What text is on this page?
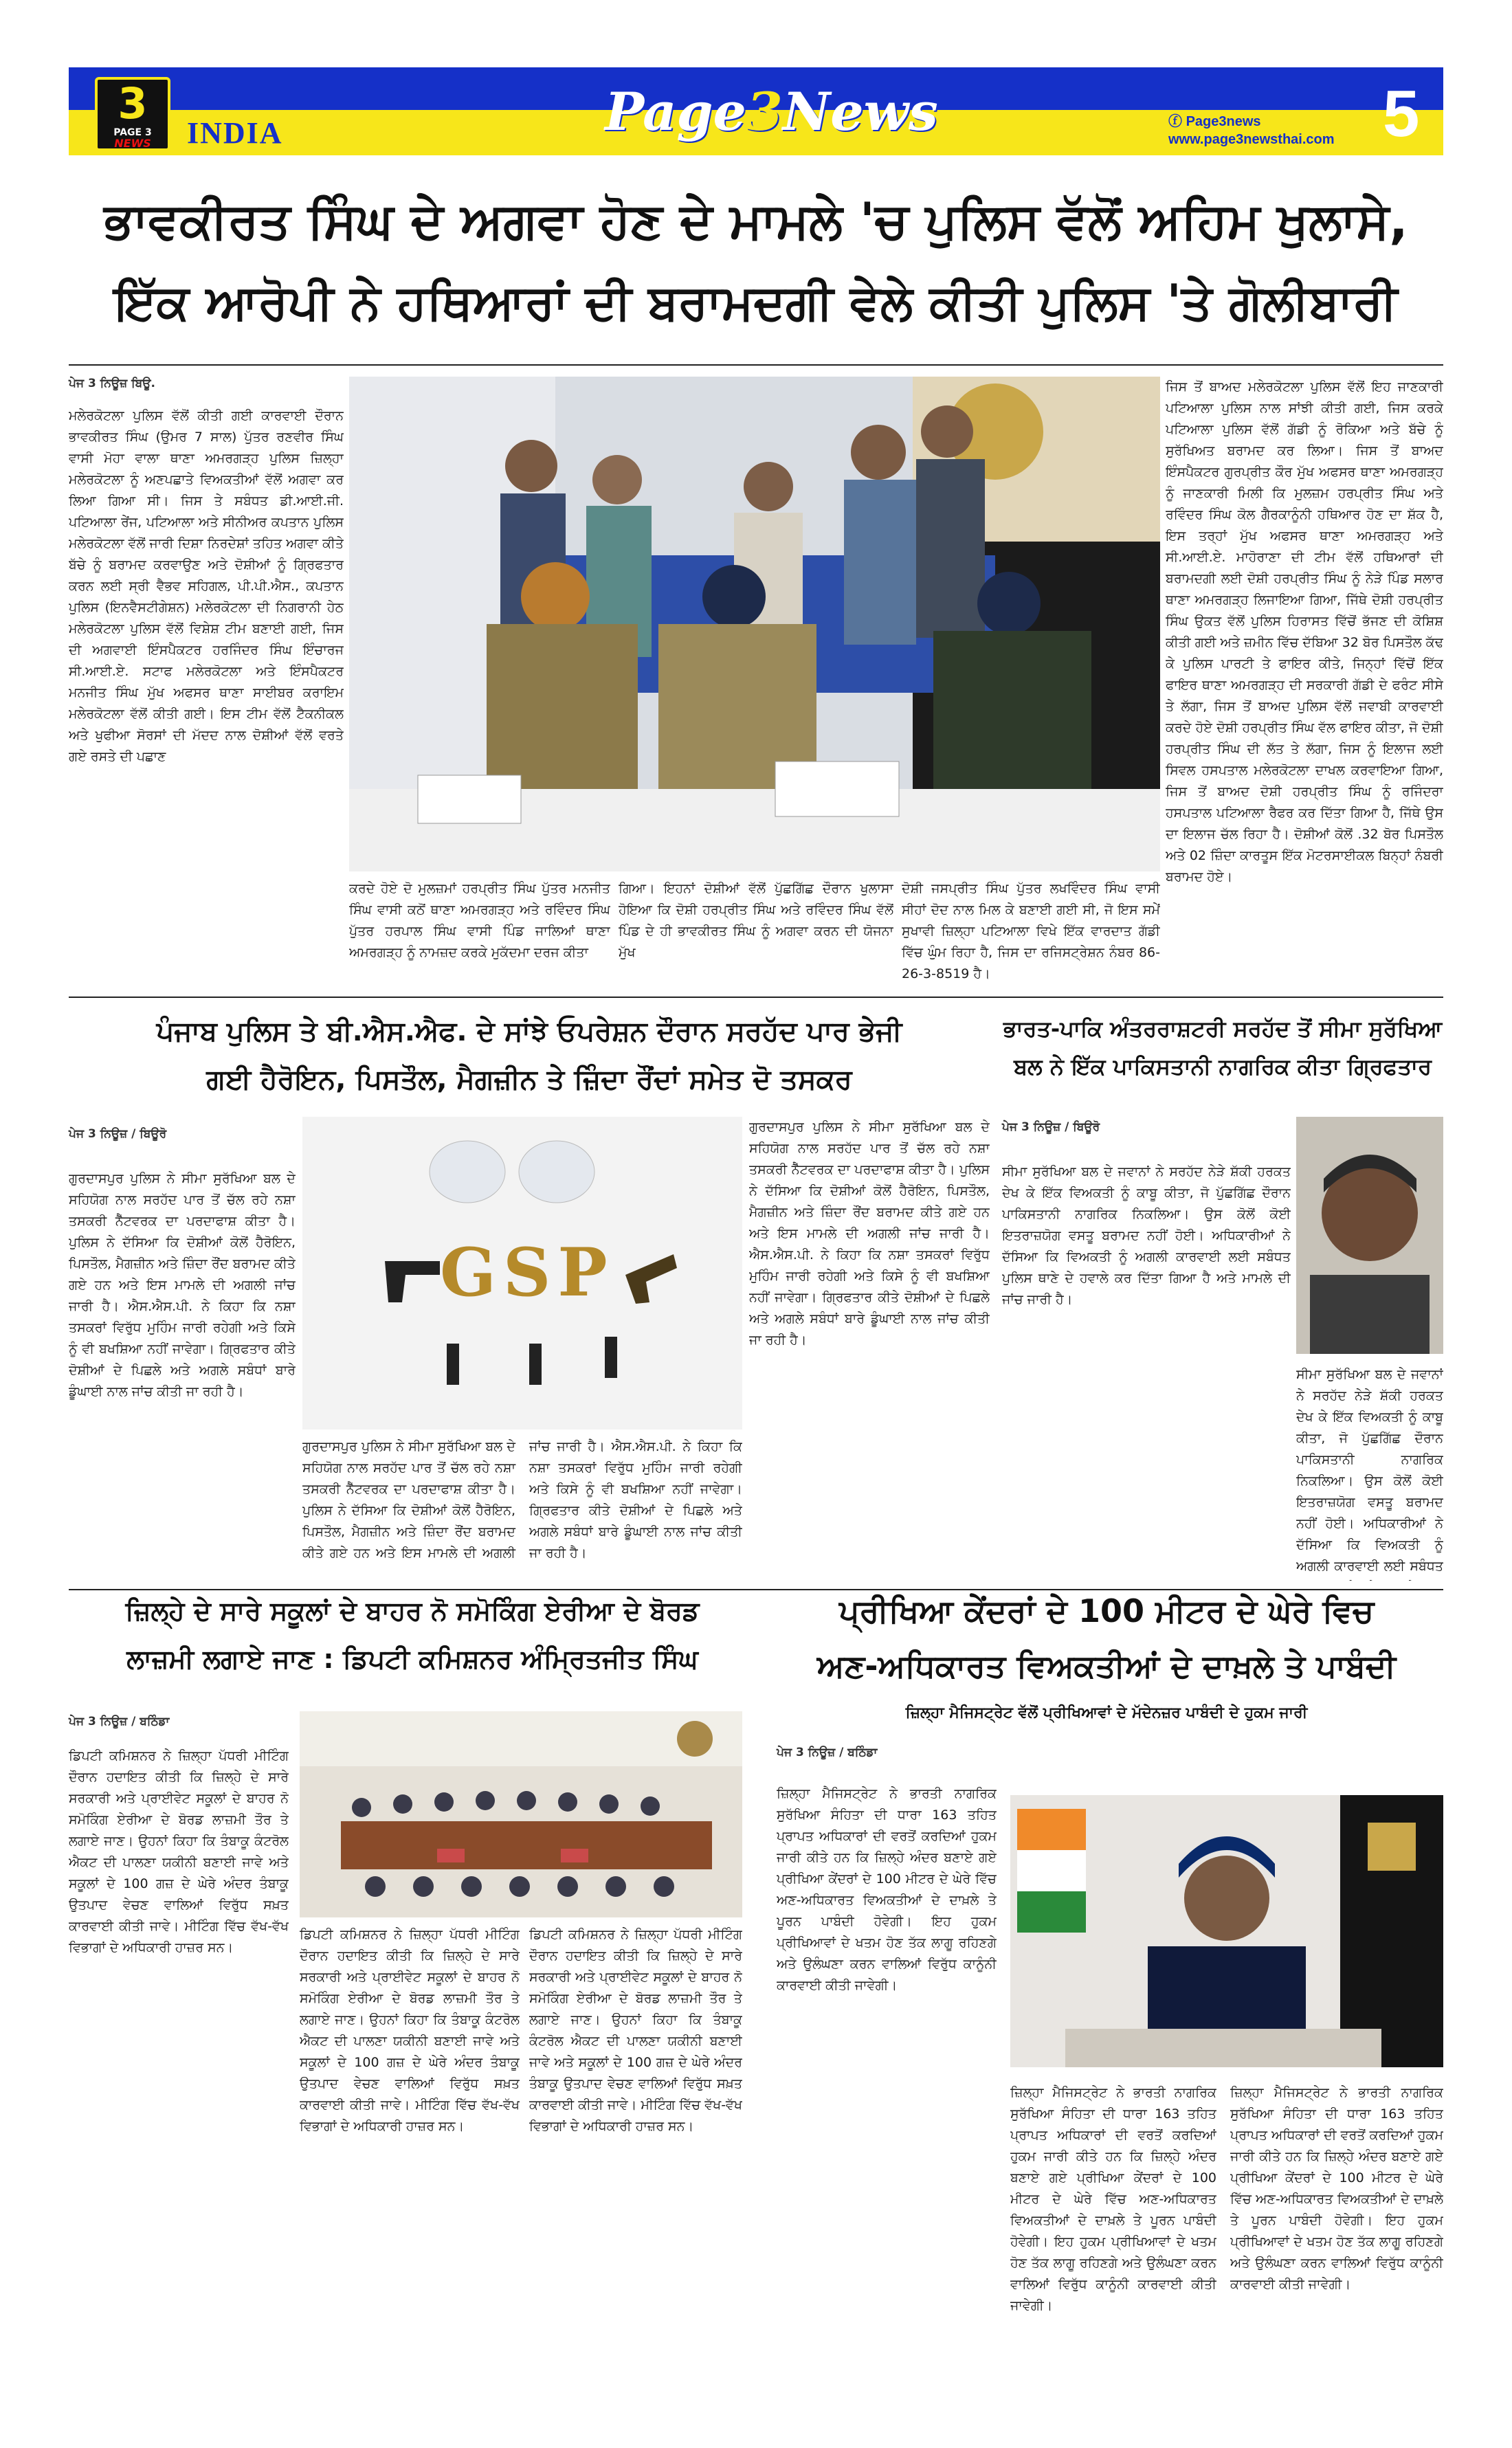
3
PAGE 3
NEWS	INDIA	Page3News	ⓕ Page3news
www.page3newsthai.com 5
ਭਾਵਕੀਰਤ ਸਿੰਘ ਦੇ ਅਗਵਾ ਹੋਣ ਦੇ ਮਾਮਲੇ 'ਚ ਪੁਲਿਸ ਵੱਲੋਂ ਅਹਿਮ ਖੁਲਾਸੇ,
ਇੱਕ ਆਰੋਪੀ ਨੇ ਹਥਿਆਰਾਂ ਦੀ ਬਰਾਮਦਗੀ ਵੇਲੇ ਕੀਤੀ ਪੁਲਿਸ 'ਤੇ ਗੋਲੀਬਾਰੀ
ਪੇਜ 3 ਨਿਊਜ਼ ਬਿਊ.
ਮਲੇਰਕੋਟਲਾ ਪੁਲਿਸ ਵੱਲੋਂ ਕੀਤੀ ਗਈ ਕਾਰਵਾਈ ਦੌਰਾਨ ਭਾਵਕੀਰਤ ਸਿੰਘ (ਉਮਰ 7 ਸਾਲ) ਪੁੱਤਰ ਰਣਵੀਰ ਸਿੰਘ ਵਾਸੀ ਮੋਹਾ ਵਾਲਾ ਥਾਣਾ ਅਮਰਗੜ੍ਹ ਪੁਲਿਸ ਜ਼ਿਲ੍ਹਾ ਮਲੇਰਕੋਟਲਾ ਨੂੰ ਅਣਪਛਾਤੇ ਵਿਅਕਤੀਆਂ ਵੱਲੋਂ ਅਗਵਾ ਕਰ ਲਿਆ ਗਿਆ ਸੀ। ਜਿਸ ਤੇ ਸਬੰਧਤ ਡੀ.ਆਈ.ਜੀ. ਪਟਿਆਲਾ ਰੇਂਜ, ਪਟਿਆਲਾ ਅਤੇ ਸੀਨੀਅਰ ਕਪਤਾਨ ਪੁਲਿਸ ਮਲੇਰਕੋਟਲਾ ਵੱਲੋਂ ਜਾਰੀ ਦਿਸ਼ਾ ਨਿਰਦੇਸ਼ਾਂ ਤਹਿਤ ਅਗਵਾ ਕੀਤੇ ਬੱਚੇ ਨੂੰ ਬਰਾਮਦ ਕਰਵਾਉਣ ਅਤੇ ਦੋਸ਼ੀਆਂ ਨੂੰ ਗ੍ਰਿਫਤਾਰ ਕਰਨ ਲਈ ਸ੍ਰੀ ਵੈਭਵ ਸਹਿਗਲ, ਪੀ.ਪੀ.ਐਸ., ਕਪਤਾਨ ਪੁਲਿਸ (ਇਨਵੈਸਟੀਗੇਸ਼ਨ) ਮਲੇਰਕੋਟਲਾ ਦੀ ਨਿਗਰਾਨੀ ਹੇਠ ਮਲੇਰਕੋਟਲਾ ਪੁਲਿਸ ਵੱਲੋਂ ਵਿਸ਼ੇਸ਼ ਟੀਮ ਬਣਾਈ ਗਈ, ਜਿਸ ਦੀ ਅਗਵਾਈ ਇੰਸਪੈਕਟਰ ਹਰਜਿੰਦਰ ਸਿੰਘ ਇੰਚਾਰਜ ਸੀ.ਆਈ.ਏ. ਸਟਾਫ ਮਲੇਰਕੋਟਲਾ ਅਤੇ ਇੰਸਪੈਕਟਰ ਮਨਜੀਤ ਸਿੰਘ ਮੁੱਖ ਅਫਸਰ ਥਾਣਾ ਸਾਈਬਰ ਕਰਾਇਮ ਮਲੇਰਕੋਟਲਾ ਵੱਲੋਂ ਕੀਤੀ ਗਈ। ਇਸ ਟੀਮ ਵੱਲੋਂ ਟੈਕਨੀਕਲ ਅਤੇ ਖੁਫੀਆ ਸੋਰਸਾਂ ਦੀ ਮੱਦਦ ਨਾਲ ਦੋਸ਼ੀਆਂ ਵੱਲੋਂ ਵਰਤੇ ਗਏ ਰਸਤੇ ਦੀ ਪਛਾਣ
ਜਿਸ ਤੋਂ ਬਾਅਦ ਮਲੇਰਕੋਟਲਾ ਪੁਲਿਸ ਵੱਲੋਂ ਇਹ ਜਾਣਕਾਰੀ ਪਟਿਆਲਾ ਪੁਲਿਸ ਨਾਲ ਸਾਂਝੀ ਕੀਤੀ ਗਈ, ਜਿਸ ਕਰਕੇ ਪਟਿਆਲਾ ਪੁਲਿਸ ਵੱਲੋਂ ਗੱਡੀ ਨੂੰ ਰੋਕਿਆ ਅਤੇ ਬੱਚੇ ਨੂੰ ਸੁਰੱਖਿਅਤ ਬਰਾਮਦ ਕਰ ਲਿਆ। ਜਿਸ ਤੋਂ ਬਾਅਦ ਇੰਸਪੈਕਟਰ ਗੁਰਪ੍ਰੀਤ ਕੌਰ ਮੁੱਖ ਅਫਸਰ ਥਾਣਾ ਅਮਰਗੜ੍ਹ ਨੂੰ ਜਾਣਕਾਰੀ ਮਿਲੀ ਕਿ ਮੁਲਜ਼ਮ ਹਰਪ੍ਰੀਤ ਸਿੰਘ ਅਤੇ ਰਵਿੰਦਰ ਸਿੰਘ ਕੋਲ ਗੈਰਕਾਨੂੰਨੀ ਹਥਿਆਰ ਹੋਣ ਦਾ ਸ਼ੱਕ ਹੈ, ਇਸ ਤਰ੍ਹਾਂ ਮੁੱਖ ਅਫਸਰ ਥਾਣਾ ਅਮਰਗੜ੍ਹ ਅਤੇ ਸੀ.ਆਈ.ਏ. ਮਾਹੋਰਾਣਾ ਦੀ ਟੀਮ ਵੱਲੋਂ ਹਥਿਆਰਾਂ ਦੀ ਬਰਾਮਦਗੀ ਲਈ ਦੋਸ਼ੀ ਹਰਪ੍ਰੀਤ ਸਿੰਘ ਨੂੰ ਨੇੜੇ ਪਿੰਡ ਸਲਾਰ ਥਾਣਾ ਅਮਰਗੜ੍ਹ ਲਿਜਾਇਆ ਗਿਆ, ਜਿੱਥੇ ਦੋਸ਼ੀ ਹਰਪ੍ਰੀਤ ਸਿੰਘ ਉਕਤ ਵੱਲੋਂ ਪੁਲਿਸ ਹਿਰਾਸਤ ਵਿੱਚੋਂ ਭੱਜਣ ਦੀ ਕੋਸ਼ਿਸ਼ ਕੀਤੀ ਗਈ ਅਤੇ ਜ਼ਮੀਨ ਵਿੱਚ ਦੱਬਿਆ 32 ਬੋਰ ਪਿਸਤੌਲ ਕੱਢ ਕੇ ਪੁਲਿਸ ਪਾਰਟੀ ਤੇ ਫਾਇਰ ਕੀਤੇ, ਜਿਨ੍ਹਾਂ ਵਿੱਚੋਂ ਇੱਕ ਫਾਇਰ ਥਾਣਾ ਅਮਰਗੜ੍ਹ ਦੀ ਸਰਕਾਰੀ ਗੱਡੀ ਦੇ ਫਰੰਟ ਸੀਸੇ ਤੇ ਲੱਗਾ, ਜਿਸ ਤੋਂ ਬਾਅਦ ਪੁਲਿਸ ਵੱਲੋਂ ਜਵਾਬੀ ਕਾਰਵਾਈ ਕਰਦੇ ਹੋਏ ਦੋਸ਼ੀ ਹਰਪ੍ਰੀਤ ਸਿੰਘ ਵੱਲ ਫਾਇਰ ਕੀਤਾ, ਜੋ ਦੋਸ਼ੀ ਹਰਪ੍ਰੀਤ ਸਿੰਘ ਦੀ ਲੱਤ ਤੇ ਲੱਗਾ, ਜਿਸ ਨੂੰ ਇਲਾਜ ਲਈ ਸਿਵਲ ਹਸਪਤਾਲ ਮਲੇਰਕੋਟਲਾ ਦਾਖਲ ਕਰਵਾਇਆ ਗਿਆ, ਜਿਸ ਤੋਂ ਬਾਅਦ ਦੋਸ਼ੀ ਹਰਪ੍ਰੀਤ ਸਿੰਘ ਨੂੰ ਰਜਿੰਦਰਾ ਹਸਪਤਾਲ ਪਟਿਆਲਾ ਰੈਫਰ ਕਰ ਦਿੱਤਾ ਗਿਆ ਹੈ, ਜਿੱਥੇ ਉਸ ਦਾ ਇਲਾਜ ਚੱਲ ਰਿਹਾ ਹੈ। ਦੋਸ਼ੀਆਂ ਕੋਲੋਂ .32 ਬੋਰ ਪਿਸਤੌਲ ਅਤੇ 02 ਜ਼ਿੰਦਾ ਕਾਰਤੂਸ ਇੱਕ ਮੋਟਰਸਾਈਕਲ ਬਿਨ੍ਹਾਂ ਨੰਬਰੀ ਬਰਾਮਦ ਹੋਏ।
ਕਰਦੇ ਹੋਏ ਦੋ ਮੁਲਜ਼ਮਾਂ ਹਰਪ੍ਰੀਤ ਸਿੰਘ ਪੁੱਤਰ ਮਨਜੀਤ ਸਿੰਘ ਵਾਸੀ ਕਠੋਂ ਥਾਣਾ ਅਮਰਗੜ੍ਹ ਅਤੇ ਰਵਿੰਦਰ ਸਿੰਘ ਪੁੱਤਰ ਹਰਪਾਲ ਸਿੰਘ ਵਾਸੀ ਪਿੰਡ ਜਾਲਿਆਂ ਥਾਣਾ ਅਮਰਗੜ੍ਹ ਨੂੰ ਨਾਮਜ਼ਦ ਕਰਕੇ ਮੁਕੱਦਮਾ ਦਰਜ ਕੀਤਾ
ਗਿਆ। ਇਹਨਾਂ ਦੋਸ਼ੀਆਂ ਵੱਲੋਂ ਪੁੱਛਗਿੱਛ ਦੌਰਾਨ ਖੁਲਾਸਾ ਹੋਇਆ ਕਿ ਦੋਸ਼ੀ ਹਰਪ੍ਰੀਤ ਸਿੰਘ ਅਤੇ ਰਵਿੰਦਰ ਸਿੰਘ ਵੱਲੋਂ ਪਿੰਡ ਦੇ ਹੀ ਭਾਵਕੀਰਤ ਸਿੰਘ ਨੂੰ ਅਗਵਾ ਕਰਨ ਦੀ ਯੋਜਨਾ ਮੁੱਖ
ਦੋਸ਼ੀ ਜਸਪ੍ਰੀਤ ਸਿੰਘ ਪੁੱਤਰ ਲਖਵਿੰਦਰ ਸਿੰਘ ਵਾਸੀ ਸੀਹਾਂ ਦੋਦ ਨਾਲ ਮਿਲ ਕੇ ਬਣਾਈ ਗਈ ਸੀ, ਜੋ ਇਸ ਸਮੇਂ ਸੁਖਾਵੀ ਜ਼ਿਲ੍ਹਾ ਪਟਿਆਲਾ ਵਿਖੇ ਇੱਕ ਵਾਰਦਾਤ ਗੱਡੀ ਵਿੱਚ ਘੁੰਮ ਰਿਹਾ ਹੈ, ਜਿਸ ਦਾ ਰਜਿਸਟ੍ਰੇਸ਼ਨ ਨੰਬਰ 86-26-3-8519 ਹੈ।
ਪੰਜਾਬ ਪੁਲਿਸ ਤੇ ਬੀ.ਐਸ.ਐਫ. ਦੇ ਸਾਂਝੇ ਓਪਰੇਸ਼ਨ ਦੌਰਾਨ ਸਰਹੱਦ ਪਾਰ ਭੇਜੀ
ਗਈ ਹੈਰੋਇਨ, ਪਿਸਤੌਲ, ਮੈਗਜ਼ੀਨ ਤੇ ਜ਼ਿੰਦਾ ਰੌਂਦਾਂ ਸਮੇਤ ਦੋ ਤਸਕਰ
ਪੇਜ 3 ਨਿਊਜ਼ / ਬਿਊਰੋ
ਗੁਰਦਾਸਪੁਰ ਪੁਲਿਸ ਨੇ ਸੀਮਾ ਸੁਰੱਖਿਆ ਬਲ ਦੇ ਸਹਿਯੋਗ ਨਾਲ ਸਰਹੱਦ ਪਾਰ ਤੋਂ ਚੱਲ ਰਹੇ ਨਸ਼ਾ ਤਸਕਰੀ ਨੈੱਟਵਰਕ ਦਾ ਪਰਦਾਫਾਸ਼ ਕੀਤਾ ਹੈ। ਪੁਲਿਸ ਨੇ ਦੱਸਿਆ ਕਿ ਦੋਸ਼ੀਆਂ ਕੋਲੋਂ ਹੈਰੋਇਨ, ਪਿਸਤੌਲ, ਮੈਗਜ਼ੀਨ ਅਤੇ ਜ਼ਿੰਦਾ ਰੌਂਦ ਬਰਾਮਦ ਕੀਤੇ ਗਏ ਹਨ ਅਤੇ ਇਸ ਮਾਮਲੇ ਦੀ ਅਗਲੀ ਜਾਂਚ ਜਾਰੀ ਹੈ। ਐਸ.ਐਸ.ਪੀ. ਨੇ ਕਿਹਾ ਕਿ ਨਸ਼ਾ ਤਸਕਰਾਂ ਵਿਰੁੱਧ ਮੁਹਿੰਮ ਜਾਰੀ ਰਹੇਗੀ ਅਤੇ ਕਿਸੇ ਨੂੰ ਵੀ ਬਖਸ਼ਿਆ ਨਹੀਂ ਜਾਵੇਗਾ। ਗ੍ਰਿਫਤਾਰ ਕੀਤੇ ਦੋਸ਼ੀਆਂ ਦੇ ਪਿਛਲੇ ਅਤੇ ਅਗਲੇ ਸਬੰਧਾਂ ਬਾਰੇ ਡੂੰਘਾਈ ਨਾਲ ਜਾਂਚ ਕੀਤੀ ਜਾ ਰਹੀ ਹੈ।
GSP
ਗੁਰਦਾਸਪੁਰ ਪੁਲਿਸ ਨੇ ਸੀਮਾ ਸੁਰੱਖਿਆ ਬਲ ਦੇ ਸਹਿਯੋਗ ਨਾਲ ਸਰਹੱਦ ਪਾਰ ਤੋਂ ਚੱਲ ਰਹੇ ਨਸ਼ਾ ਤਸਕਰੀ ਨੈੱਟਵਰਕ ਦਾ ਪਰਦਾਫਾਸ਼ ਕੀਤਾ ਹੈ। ਪੁਲਿਸ ਨੇ ਦੱਸਿਆ ਕਿ ਦੋਸ਼ੀਆਂ ਕੋਲੋਂ ਹੈਰੋਇਨ, ਪਿਸਤੌਲ, ਮੈਗਜ਼ੀਨ ਅਤੇ ਜ਼ਿੰਦਾ ਰੌਂਦ ਬਰਾਮਦ ਕੀਤੇ ਗਏ ਹਨ ਅਤੇ ਇਸ ਮਾਮਲੇ ਦੀ ਅਗਲੀ ਜਾਂਚ ਜਾਰੀ ਹੈ। ਐਸ.ਐਸ.ਪੀ. ਨੇ ਕਿਹਾ ਕਿ ਨਸ਼ਾ ਤਸਕਰਾਂ ਵਿਰੁੱਧ ਮੁਹਿੰਮ ਜਾਰੀ ਰਹੇਗੀ ਅਤੇ ਕਿਸੇ ਨੂੰ ਵੀ ਬਖਸ਼ਿਆ ਨਹੀਂ ਜਾਵੇਗਾ। ਗ੍ਰਿਫਤਾਰ ਕੀਤੇ ਦੋਸ਼ੀਆਂ ਦੇ ਪਿਛਲੇ ਅਤੇ ਅਗਲੇ ਸਬੰਧਾਂ ਬਾਰੇ ਡੂੰਘਾਈ ਨਾਲ ਜਾਂਚ ਕੀਤੀ ਜਾ ਰਹੀ ਹੈ।
ਗੁਰਦਾਸਪੁਰ ਪੁਲਿਸ ਨੇ ਸੀਮਾ ਸੁਰੱਖਿਆ ਬਲ ਦੇ ਸਹਿਯੋਗ ਨਾਲ ਸਰਹੱਦ ਪਾਰ ਤੋਂ ਚੱਲ ਰਹੇ ਨਸ਼ਾ ਤਸਕਰੀ ਨੈੱਟਵਰਕ ਦਾ ਪਰਦਾਫਾਸ਼ ਕੀਤਾ ਹੈ। ਪੁਲਿਸ ਨੇ ਦੱਸਿਆ ਕਿ ਦੋਸ਼ੀਆਂ ਕੋਲੋਂ ਹੈਰੋਇਨ, ਪਿਸਤੌਲ, ਮੈਗਜ਼ੀਨ ਅਤੇ ਜ਼ਿੰਦਾ ਰੌਂਦ ਬਰਾਮਦ ਕੀਤੇ ਗਏ ਹਨ ਅਤੇ ਇਸ ਮਾਮਲੇ ਦੀ ਅਗਲੀ ਜਾਂਚ ਜਾਰੀ ਹੈ। ਐਸ.ਐਸ.ਪੀ. ਨੇ ਕਿਹਾ ਕਿ ਨਸ਼ਾ ਤਸਕਰਾਂ ਵਿਰੁੱਧ ਮੁਹਿੰਮ ਜਾਰੀ ਰਹੇਗੀ ਅਤੇ ਕਿਸੇ ਨੂੰ ਵੀ ਬਖਸ਼ਿਆ ਨਹੀਂ ਜਾਵੇਗਾ। ਗ੍ਰਿਫਤਾਰ ਕੀਤੇ ਦੋਸ਼ੀਆਂ ਦੇ ਪਿਛਲੇ ਅਤੇ ਅਗਲੇ ਸਬੰਧਾਂ ਬਾਰੇ ਡੂੰਘਾਈ ਨਾਲ ਜਾਂਚ ਕੀਤੀ ਜਾ ਰਹੀ ਹੈ।
ਭਾਰਤ-ਪਾਕਿ ਅੰਤਰਰਾਸ਼ਟਰੀ ਸਰਹੱਦ ਤੋਂ ਸੀਮਾ ਸੁਰੱਖਿਆ
ਬਲ ਨੇ ਇੱਕ ਪਾਕਿਸਤਾਨੀ ਨਾਗਰਿਕ ਕੀਤਾ ਗ੍ਰਿਫਤਾਰ
ਪੇਜ 3 ਨਿਊਜ਼ / ਬਿਊਰੋ
ਸੀਮਾ ਸੁਰੱਖਿਆ ਬਲ ਦੇ ਜਵਾਨਾਂ ਨੇ ਸਰਹੱਦ ਨੇੜੇ ਸ਼ੱਕੀ ਹਰਕਤ ਦੇਖ ਕੇ ਇੱਕ ਵਿਅਕਤੀ ਨੂੰ ਕਾਬੂ ਕੀਤਾ, ਜੋ ਪੁੱਛਗਿੱਛ ਦੌਰਾਨ ਪਾਕਿਸਤਾਨੀ ਨਾਗਰਿਕ ਨਿਕਲਿਆ। ਉਸ ਕੋਲੋਂ ਕੋਈ ਇਤਰਾਜ਼ਯੋਗ ਵਸਤੂ ਬਰਾਮਦ ਨਹੀਂ ਹੋਈ। ਅਧਿਕਾਰੀਆਂ ਨੇ ਦੱਸਿਆ ਕਿ ਵਿਅਕਤੀ ਨੂੰ ਅਗਲੀ ਕਾਰਵਾਈ ਲਈ ਸਬੰਧਤ ਪੁਲਿਸ ਥਾਣੇ ਦੇ ਹਵਾਲੇ ਕਰ ਦਿੱਤਾ ਗਿਆ ਹੈ ਅਤੇ ਮਾਮਲੇ ਦੀ ਜਾਂਚ ਜਾਰੀ ਹੈ।
ਸੀਮਾ ਸੁਰੱਖਿਆ ਬਲ ਦੇ ਜਵਾਨਾਂ ਨੇ ਸਰਹੱਦ ਨੇੜੇ ਸ਼ੱਕੀ ਹਰਕਤ ਦੇਖ ਕੇ ਇੱਕ ਵਿਅਕਤੀ ਨੂੰ ਕਾਬੂ ਕੀਤਾ, ਜੋ ਪੁੱਛਗਿੱਛ ਦੌਰਾਨ ਪਾਕਿਸਤਾਨੀ ਨਾਗਰਿਕ ਨਿਕਲਿਆ। ਉਸ ਕੋਲੋਂ ਕੋਈ ਇਤਰਾਜ਼ਯੋਗ ਵਸਤੂ ਬਰਾਮਦ ਨਹੀਂ ਹੋਈ। ਅਧਿਕਾਰੀਆਂ ਨੇ ਦੱਸਿਆ ਕਿ ਵਿਅਕਤੀ ਨੂੰ ਅਗਲੀ ਕਾਰਵਾਈ ਲਈ ਸਬੰਧਤ
ਜ਼ਿਲ੍ਹੇ ਦੇ ਸਾਰੇ ਸਕੂਲਾਂ ਦੇ ਬਾਹਰ ਨੋ ਸਮੋਕਿੰਗ ਏਰੀਆ ਦੇ ਬੋਰਡ
ਲਾਜ਼ਮੀ ਲਗਾਏ ਜਾਣ : ਡਿਪਟੀ ਕਮਿਸ਼ਨਰ ਅੰਮ੍ਰਿਤਜੀਤ ਸਿੰਘ
ਪੇਜ 3 ਨਿਊਜ਼ / ਬਠਿੰਡਾ
ਡਿਪਟੀ ਕਮਿਸ਼ਨਰ ਨੇ ਜ਼ਿਲ੍ਹਾ ਪੱਧਰੀ ਮੀਟਿੰਗ ਦੌਰਾਨ ਹਦਾਇਤ ਕੀਤੀ ਕਿ ਜ਼ਿਲ੍ਹੇ ਦੇ ਸਾਰੇ ਸਰਕਾਰੀ ਅਤੇ ਪ੍ਰਾਈਵੇਟ ਸਕੂਲਾਂ ਦੇ ਬਾਹਰ ਨੋ ਸਮੋਕਿੰਗ ਏਰੀਆ ਦੇ ਬੋਰਡ ਲਾਜ਼ਮੀ ਤੌਰ ਤੇ ਲਗਾਏ ਜਾਣ। ਉਹਨਾਂ ਕਿਹਾ ਕਿ ਤੰਬਾਕੂ ਕੰਟਰੋਲ ਐਕਟ ਦੀ ਪਾਲਣਾ ਯਕੀਨੀ ਬਣਾਈ ਜਾਵੇ ਅਤੇ ਸਕੂਲਾਂ ਦੇ 100 ਗਜ਼ ਦੇ ਘੇਰੇ ਅੰਦਰ ਤੰਬਾਕੂ ਉਤਪਾਦ ਵੇਚਣ ਵਾਲਿਆਂ ਵਿਰੁੱਧ ਸਖ਼ਤ ਕਾਰਵਾਈ ਕੀਤੀ ਜਾਵੇ। ਮੀਟਿੰਗ ਵਿੱਚ ਵੱਖ-ਵੱਖ ਵਿਭਾਗਾਂ ਦੇ ਅਧਿਕਾਰੀ ਹਾਜ਼ਰ ਸਨ।
ਡਿਪਟੀ ਕਮਿਸ਼ਨਰ ਨੇ ਜ਼ਿਲ੍ਹਾ ਪੱਧਰੀ ਮੀਟਿੰਗ ਦੌਰਾਨ ਹਦਾਇਤ ਕੀਤੀ ਕਿ ਜ਼ਿਲ੍ਹੇ ਦੇ ਸਾਰੇ ਸਰਕਾਰੀ ਅਤੇ ਪ੍ਰਾਈਵੇਟ ਸਕੂਲਾਂ ਦੇ ਬਾਹਰ ਨੋ ਸਮੋਕਿੰਗ ਏਰੀਆ ਦੇ ਬੋਰਡ ਲਾਜ਼ਮੀ ਤੌਰ ਤੇ ਲਗਾਏ ਜਾਣ। ਉਹਨਾਂ ਕਿਹਾ ਕਿ ਤੰਬਾਕੂ ਕੰਟਰੋਲ ਐਕਟ ਦੀ ਪਾਲਣਾ ਯਕੀਨੀ ਬਣਾਈ ਜਾਵੇ ਅਤੇ ਸਕੂਲਾਂ ਦੇ 100 ਗਜ਼ ਦੇ ਘੇਰੇ ਅੰਦਰ ਤੰਬਾਕੂ ਉਤਪਾਦ ਵੇਚਣ ਵਾਲਿਆਂ ਵਿਰੁੱਧ ਸਖ਼ਤ ਕਾਰਵਾਈ ਕੀਤੀ ਜਾਵੇ। ਮੀਟਿੰਗ ਵਿੱਚ ਵੱਖ-ਵੱਖ ਵਿਭਾਗਾਂ ਦੇ ਅਧਿਕਾਰੀ ਹਾਜ਼ਰ ਸਨ।
ਡਿਪਟੀ ਕਮਿਸ਼ਨਰ ਨੇ ਜ਼ਿਲ੍ਹਾ ਪੱਧਰੀ ਮੀਟਿੰਗ ਦੌਰਾਨ ਹਦਾਇਤ ਕੀਤੀ ਕਿ ਜ਼ਿਲ੍ਹੇ ਦੇ ਸਾਰੇ ਸਰਕਾਰੀ ਅਤੇ ਪ੍ਰਾਈਵੇਟ ਸਕੂਲਾਂ ਦੇ ਬਾਹਰ ਨੋ ਸਮੋਕਿੰਗ ਏਰੀਆ ਦੇ ਬੋਰਡ ਲਾਜ਼ਮੀ ਤੌਰ ਤੇ ਲਗਾਏ ਜਾਣ। ਉਹਨਾਂ ਕਿਹਾ ਕਿ ਤੰਬਾਕੂ ਕੰਟਰੋਲ ਐਕਟ ਦੀ ਪਾਲਣਾ ਯਕੀਨੀ ਬਣਾਈ ਜਾਵੇ ਅਤੇ ਸਕੂਲਾਂ ਦੇ 100 ਗਜ਼ ਦੇ ਘੇਰੇ ਅੰਦਰ ਤੰਬਾਕੂ ਉਤਪਾਦ ਵੇਚਣ ਵਾਲਿਆਂ ਵਿਰੁੱਧ ਸਖ਼ਤ ਕਾਰਵਾਈ ਕੀਤੀ ਜਾਵੇ। ਮੀਟਿੰਗ ਵਿੱਚ ਵੱਖ-ਵੱਖ ਵਿਭਾਗਾਂ ਦੇ ਅਧਿਕਾਰੀ ਹਾਜ਼ਰ ਸਨ।
ਪ੍ਰੀਖਿਆ ਕੇਂਦਰਾਂ ਦੇ 100 ਮੀਟਰ ਦੇ ਘੇਰੇ ਵਿਚ
ਅਣ-ਅਧਿਕਾਰਤ ਵਿਅਕਤੀਆਂ ਦੇ ਦਾਖ਼ਲੇ ਤੇ ਪਾਬੰਦੀ
ਜ਼ਿਲ੍ਹਾ ਮੈਜਿਸਟ੍ਰੇਟ ਵੱਲੋਂ ਪ੍ਰੀਖਿਆਵਾਂ ਦੇ ਮੱਦੇਨਜ਼ਰ ਪਾਬੰਦੀ ਦੇ ਹੁਕਮ ਜਾਰੀ
ਪੇਜ 3 ਨਿਊਜ਼ / ਬਠਿੰਡਾ
ਜ਼ਿਲ੍ਹਾ ਮੈਜਿਸਟ੍ਰੇਟ ਨੇ ਭਾਰਤੀ ਨਾਗਰਿਕ ਸੁਰੱਖਿਆ ਸੰਹਿਤਾ ਦੀ ਧਾਰਾ 163 ਤਹਿਤ ਪ੍ਰਾਪਤ ਅਧਿਕਾਰਾਂ ਦੀ ਵਰਤੋਂ ਕਰਦਿਆਂ ਹੁਕਮ ਜਾਰੀ ਕੀਤੇ ਹਨ ਕਿ ਜ਼ਿਲ੍ਹੇ ਅੰਦਰ ਬਣਾਏ ਗਏ ਪ੍ਰੀਖਿਆ ਕੇਂਦਰਾਂ ਦੇ 100 ਮੀਟਰ ਦੇ ਘੇਰੇ ਵਿੱਚ ਅਣ-ਅਧਿਕਾਰਤ ਵਿਅਕਤੀਆਂ ਦੇ ਦਾਖ਼ਲੇ ਤੇ ਪੂਰਨ ਪਾਬੰਦੀ ਹੋਵੇਗੀ। ਇਹ ਹੁਕਮ ਪ੍ਰੀਖਿਆਵਾਂ ਦੇ ਖਤਮ ਹੋਣ ਤੱਕ ਲਾਗੂ ਰਹਿਣਗੇ ਅਤੇ ਉਲੰਘਣਾ ਕਰਨ ਵਾਲਿਆਂ ਵਿਰੁੱਧ ਕਾਨੂੰਨੀ ਕਾਰਵਾਈ ਕੀਤੀ ਜਾਵੇਗੀ।
ਜ਼ਿਲ੍ਹਾ ਮੈਜਿਸਟ੍ਰੇਟ ਨੇ ਭਾਰਤੀ ਨਾਗਰਿਕ ਸੁਰੱਖਿਆ ਸੰਹਿਤਾ ਦੀ ਧਾਰਾ 163 ਤਹਿਤ ਪ੍ਰਾਪਤ ਅਧਿਕਾਰਾਂ ਦੀ ਵਰਤੋਂ ਕਰਦਿਆਂ ਹੁਕਮ ਜਾਰੀ ਕੀਤੇ ਹਨ ਕਿ ਜ਼ਿਲ੍ਹੇ ਅੰਦਰ ਬਣਾਏ ਗਏ ਪ੍ਰੀਖਿਆ ਕੇਂਦਰਾਂ ਦੇ 100 ਮੀਟਰ ਦੇ ਘੇਰੇ ਵਿੱਚ ਅਣ-ਅਧਿਕਾਰਤ ਵਿਅਕਤੀਆਂ ਦੇ ਦਾਖ਼ਲੇ ਤੇ ਪੂਰਨ ਪਾਬੰਦੀ ਹੋਵੇਗੀ। ਇਹ ਹੁਕਮ ਪ੍ਰੀਖਿਆਵਾਂ ਦੇ ਖਤਮ ਹੋਣ ਤੱਕ ਲਾਗੂ ਰਹਿਣਗੇ ਅਤੇ ਉਲੰਘਣਾ ਕਰਨ ਵਾਲਿਆਂ ਵਿਰੁੱਧ ਕਾਨੂੰਨੀ ਕਾਰਵਾਈ ਕੀਤੀ ਜਾਵੇਗੀ।
ਜ਼ਿਲ੍ਹਾ ਮੈਜਿਸਟ੍ਰੇਟ ਨੇ ਭਾਰਤੀ ਨਾਗਰਿਕ ਸੁਰੱਖਿਆ ਸੰਹਿਤਾ ਦੀ ਧਾਰਾ 163 ਤਹਿਤ ਪ੍ਰਾਪਤ ਅਧਿਕਾਰਾਂ ਦੀ ਵਰਤੋਂ ਕਰਦਿਆਂ ਹੁਕਮ ਜਾਰੀ ਕੀਤੇ ਹਨ ਕਿ ਜ਼ਿਲ੍ਹੇ ਅੰਦਰ ਬਣਾਏ ਗਏ ਪ੍ਰੀਖਿਆ ਕੇਂਦਰਾਂ ਦੇ 100 ਮੀਟਰ ਦੇ ਘੇਰੇ ਵਿੱਚ ਅਣ-ਅਧਿਕਾਰਤ ਵਿਅਕਤੀਆਂ ਦੇ ਦਾਖ਼ਲੇ ਤੇ ਪੂਰਨ ਪਾਬੰਦੀ ਹੋਵੇਗੀ। ਇਹ ਹੁਕਮ ਪ੍ਰੀਖਿਆਵਾਂ ਦੇ ਖਤਮ ਹੋਣ ਤੱਕ ਲਾਗੂ ਰਹਿਣਗੇ ਅਤੇ ਉਲੰਘਣਾ ਕਰਨ ਵਾਲਿਆਂ ਵਿਰੁੱਧ ਕਾਨੂੰਨੀ ਕਾਰਵਾਈ ਕੀਤੀ ਜਾਵੇਗੀ।
